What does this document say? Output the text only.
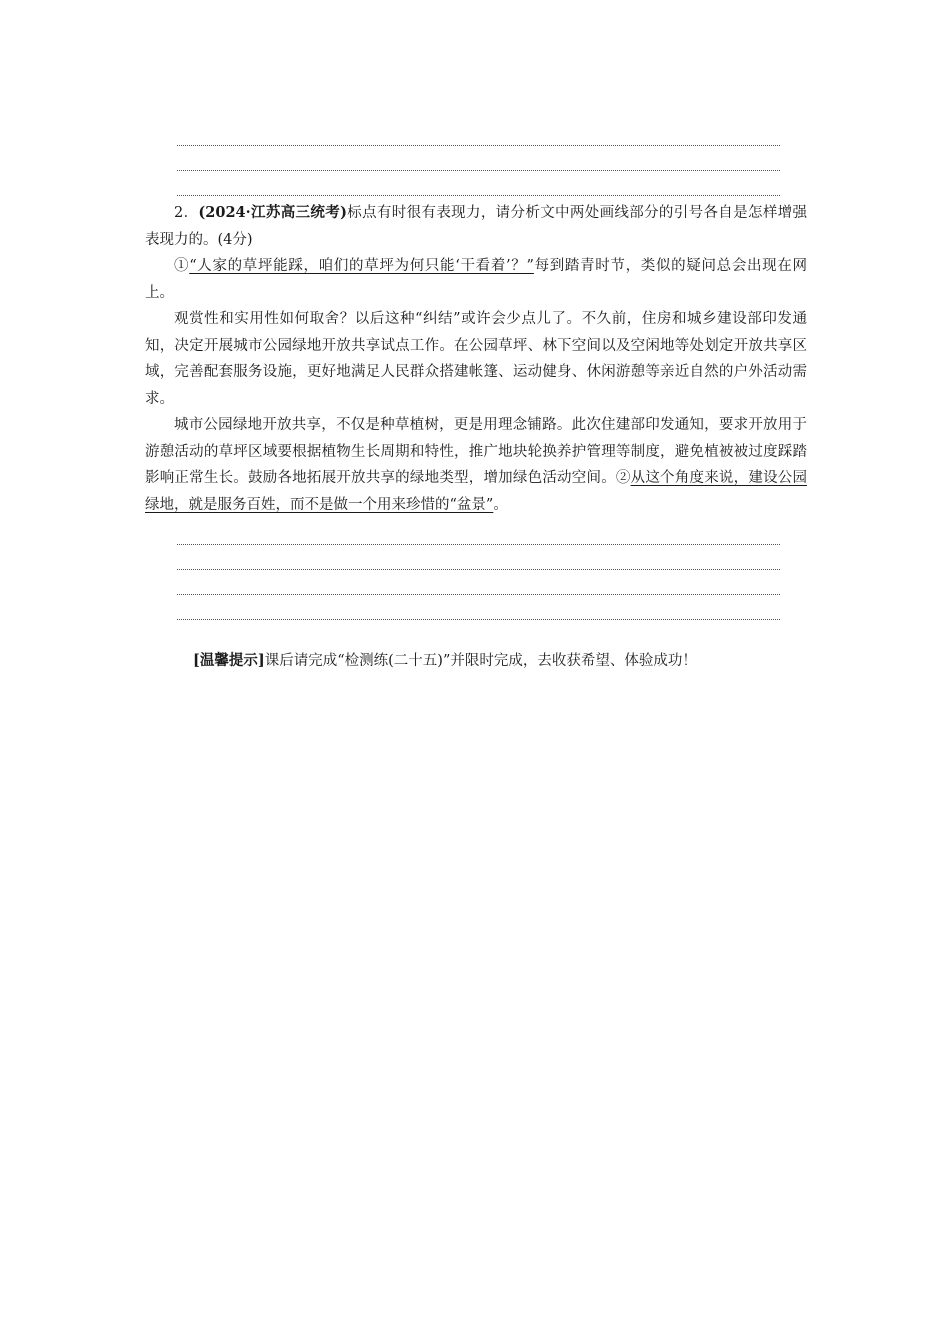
2．(2024·江苏高三统考)标点有时很有表现力，请分析文中两处画线部分的引号各自是怎样增强表现力的。(4分)

①“人家的草坪能踩，咱们的草坪为何只能‘干看着’？”每到踏青时节，类似的疑问总会出现在网上。

观赏性和实用性如何取舍？以后这种“纠结”或许会少点儿了。不久前，住房和城乡建设部印发通知，决定开展城市公园绿地开放共享试点工作。在公园草坪、林下空间以及空闲地等处划定开放共享区域，完善配套服务设施，更好地满足人民群众搭建帐篷、运动健身、休闲游憩等亲近自然的户外活动需求。

城市公园绿地开放共享，不仅是种草植树，更是用理念铺路。此次住建部印发通知，要求开放用于游憩活动的草坪区域要根据植物生长周期和特性，推广地块轮换养护管理等制度，避免植被被过度踩踏影响正常生长。鼓励各地拓展开放共享的绿地类型，增加绿色活动空间。②从这个角度来说，建设公园绿地，就是服务百姓，而不是做一个用来珍惜的“盆景”。

[温馨提示]课后请完成“检测练(二十五)”并限时完成，去收获希望、体验成功！
